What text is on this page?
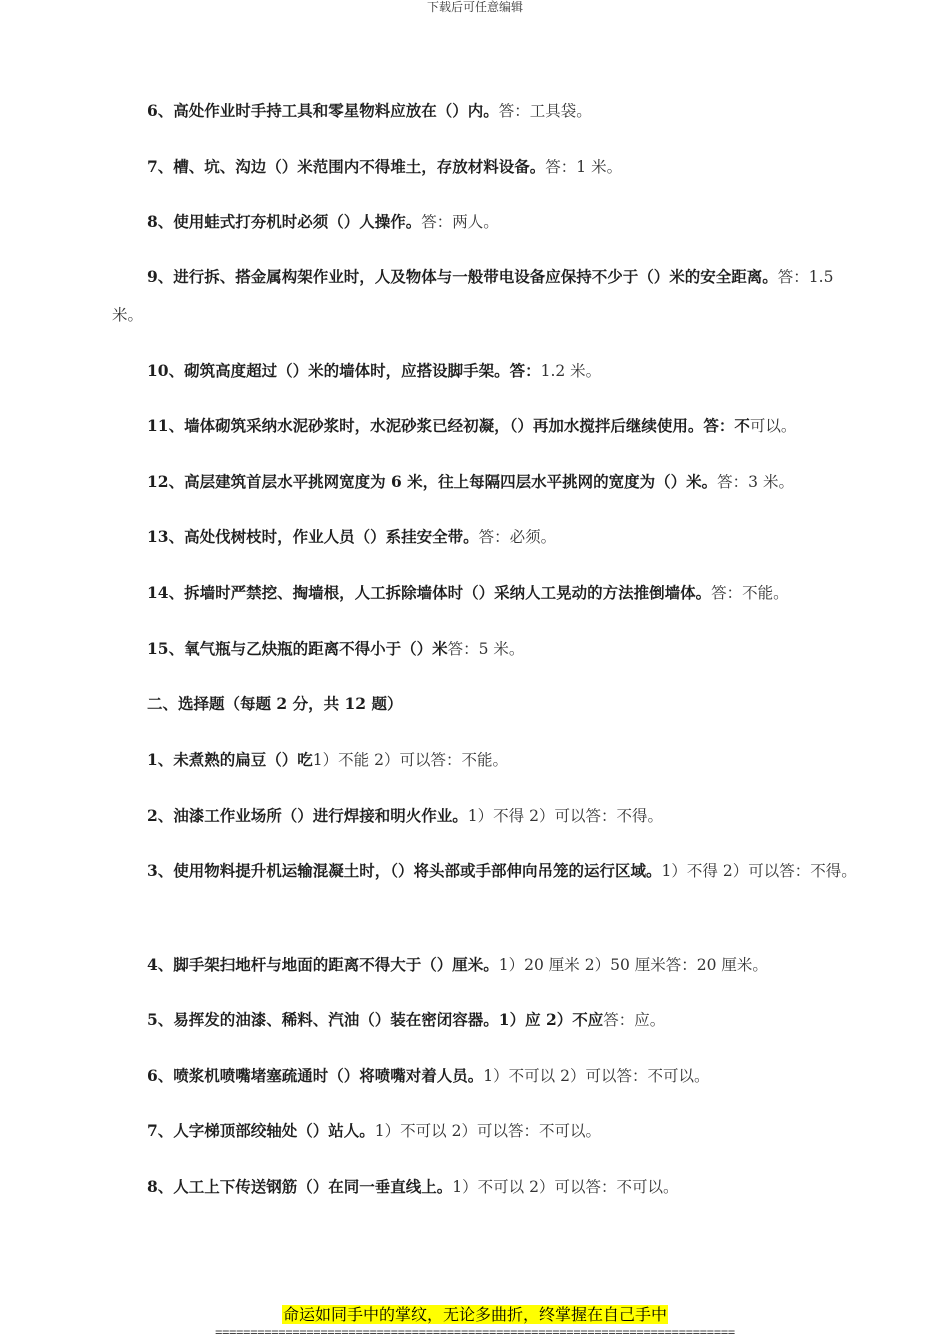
下载后可任意编辑
6、高处作业时手持工具和零星物料应放在（）内。答：工具袋。
7、槽、坑、沟边（）米范围内不得堆土，存放材料设备。答：1 米。
8、使用蛙式打夯机时必须（）人操作。答：两人。
9、进行拆、搭金属构架作业时，人及物体与一般带电设备应保持不少于（）米的安全距离。答：1.5 米。
10、砌筑高度超过（）米的墙体时，应搭设脚手架。答：1.2 米。
11、墙体砌筑采纳水泥砂浆时，水泥砂浆已经初凝，（）再加水搅拌后继续使用。答：不可以。
12、高层建筑首层水平挑网宽度为 6 米，往上每隔四层水平挑网的宽度为（）米。答：3 米。
13、高处伐树枝时，作业人员（）系挂安全带。答：必须。
14、拆墙时严禁挖、掏墙根，人工拆除墙体时（）采纳人工晃动的方法推倒墙体。答：不能。
15、氧气瓶与乙炔瓶的距离不得小于（）米答：5 米。
二、选择题（每题 2 分，共 12 题）
1、未煮熟的扁豆（）吃1）不能 2）可以答：不能。
2、油漆工作业场所（）进行焊接和明火作业。1）不得 2）可以答：不得。
3、使用物料提升机运输混凝土时，（）将头部或手部伸向吊笼的运行区域。1）不得 2）可以答：不得。
4、脚手架扫地杆与地面的距离不得大于（）厘米。1）20 厘米 2）50 厘米答：20 厘米。
5、易挥发的油漆、稀料、汽油（）装在密闭容器。1）应 2）不应答：应。
6、喷浆机喷嘴堵塞疏通时（）将喷嘴对着人员。1）不可以 2）可以答：不可以。
7、人字梯顶部绞轴处（）站人。1）不可以 2）可以答：不可以。
8、人工上下传送钢筋（）在同一垂直线上。1）不可以 2）可以答：不可以。
命运如同手中的掌纹，无论多曲折，终掌握在自己手中
==========================================================================
